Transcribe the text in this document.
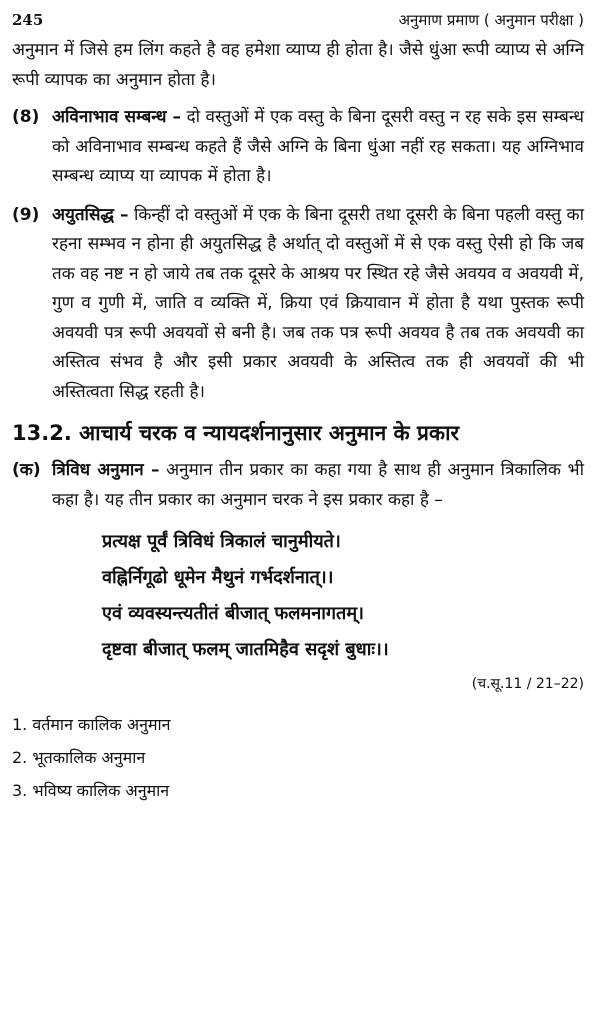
245	अनुमाण प्रमाण ( अनुमान परीक्षा )

अनुमान में जिसे हम लिंग कहते है वह हमेशा व्याप्य ही होता है। जैसे धुंआ रूपी व्याप्य से अग्नि रूपी व्यापक का अनुमान होता है।

(8) अविनाभाव सम्बन्ध – दो वस्तुओं में एक वस्तु के बिना दूसरी वस्तु न रह सके इस सम्बन्ध को अविनाभाव सम्बन्ध कहते हैं जैसे अग्नि के बिना धुंआ नहीं रह सकता। यह अग्निभाव सम्बन्ध व्याप्य या व्यापक में होता है।

(9) अयुतसिद्ध – किन्हीं दो वस्तुओं में एक के बिना दूसरी तथा दूसरी के बिना पहली वस्तु का रहना सम्भव न होना ही अयुतसिद्ध है अर्थात् दो वस्तुओं में से एक वस्तु ऐसी हो कि जब तक वह नष्ट न हो जाये तब तक दूसरे के आश्रय पर स्थित रहे जैसे अवयव व अवयवी में, गुण व गुणी में, जाति व व्यक्ति में, क्रिया एवं क्रियावान में होता है यथा पुस्तक रूपी अवयवी पत्र रूपी अवयवों से बनी है। जब तक पत्र रूपी अवयव है तब तक अवयवी का अस्तित्व संभव है और इसी प्रकार अवयवी के अस्तित्व तक ही अवयवों की भी अस्तित्वता सिद्ध रहती है।

13.2. आचार्य चरक व न्यायदर्शनानुसार अनुमान के प्रकार
(क) त्रिविध अनुमान – अनुमान तीन प्रकार का कहा गया है साथ ही अनुमान त्रिकालिक भी कहा है। यह तीन प्रकार का अनुमान चरक ने इस प्रकार कहा है –

प्रत्यक्ष पूर्वं त्रिविधं त्रिकालं चानुमीयते।
वह्निर्निगूढो धूमेन मैथुनं गर्भदर्शनात्।।
एवं व्यवस्यन्त्यतीतं बीजात् फलमनागतम्।
दृष्टवा बीजात् फलम् जातमिहैव सदृशं बुधाः।।
(च.सू.11 / 21–22)
1. वर्तमान कालिक अनुमान
2. भूतकालिक अनुमान
3. भविष्य कालिक अनुमान
